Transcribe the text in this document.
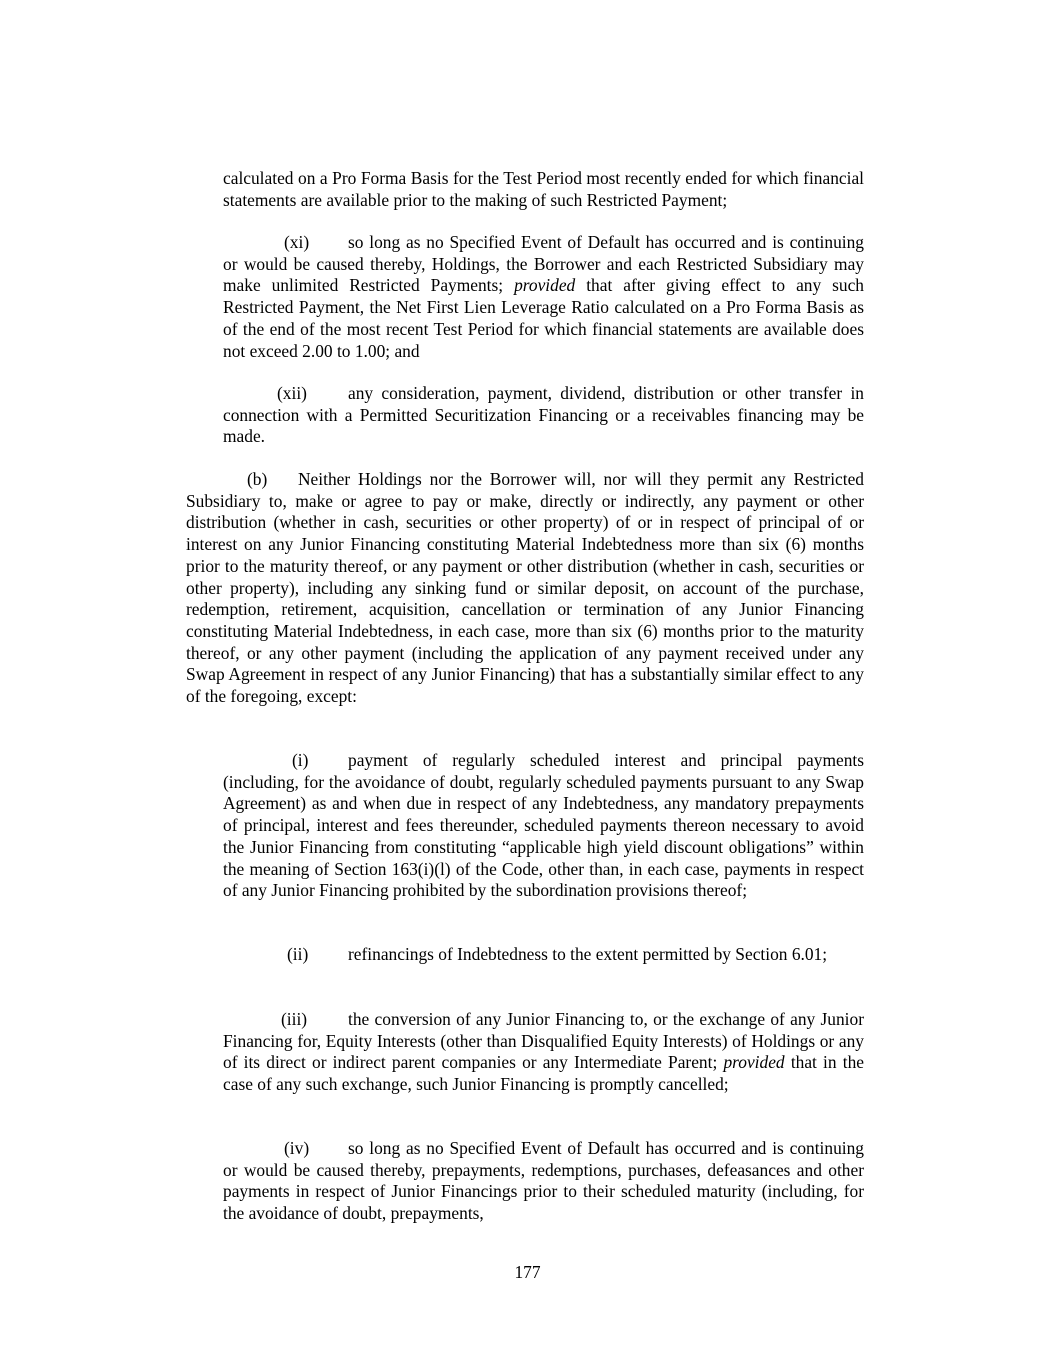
calculated on a Pro Forma Basis for the Test Period most recently ended for which financial statements are available prior to the making of such Restricted Payment;

(xi) so long as no Specified Event of Default has occurred and is continuing or would be caused thereby, Holdings, the Borrower and each Restricted Subsidiary may make unlimited Restricted Payments; provided that after giving effect to any such Restricted Payment, the Net First Lien Leverage Ratio calculated on a Pro Forma Basis as of the end of the most recent Test Period for which financial statements are available does not exceed 2.00 to 1.00; and

(xii) any consideration, payment, dividend, distribution or other transfer in connection with a Permitted Securitization Financing or a receivables financing may be made.

(b) Neither Holdings nor the Borrower will, nor will they permit any Restricted Subsidiary to, make or agree to pay or make, directly or indirectly, any payment or other distribution (whether in cash, securities or other property) of or in respect of principal of or interest on any Junior Financing constituting Material Indebtedness more than six (6) months prior to the maturity thereof, or any payment or other distribution (whether in cash, securities or other property), including any sinking fund or similar deposit, on account of the purchase, redemption, retirement, acquisition, cancellation or termination of any Junior Financing constituting Material Indebtedness, in each case, more than six (6) months prior to the maturity thereof, or any other payment (including the application of any payment received under any Swap Agreement in respect of any Junior Financing) that has a substantially similar effect to any of the foregoing, except:

(i) payment of regularly scheduled interest and principal payments (including, for the avoidance of doubt, regularly scheduled payments pursuant to any Swap Agreement) as and when due in respect of any Indebtedness, any mandatory prepayments of principal, interest and fees thereunder, scheduled payments thereon necessary to avoid the Junior Financing from constituting “applicable high yield discount obligations” within the meaning of Section 163(i)(l) of the Code, other than, in each case, payments in respect of any Junior Financing prohibited by the subordination provisions thereof;

(ii) refinancings of Indebtedness to the extent permitted by Section 6.01;

(iii) the conversion of any Junior Financing to, or the exchange of any Junior Financing for, Equity Interests (other than Disqualified Equity Interests) of Holdings or any of its direct or indirect parent companies or any Intermediate Parent; provided that in the case of any such exchange, such Junior Financing is promptly cancelled;

(iv) so long as no Specified Event of Default has occurred and is continuing or would be caused thereby, prepayments, redemptions, purchases, defeasances and other payments in respect of Junior Financings prior to their scheduled maturity (including, for the avoidance of doubt, prepayments,

177
